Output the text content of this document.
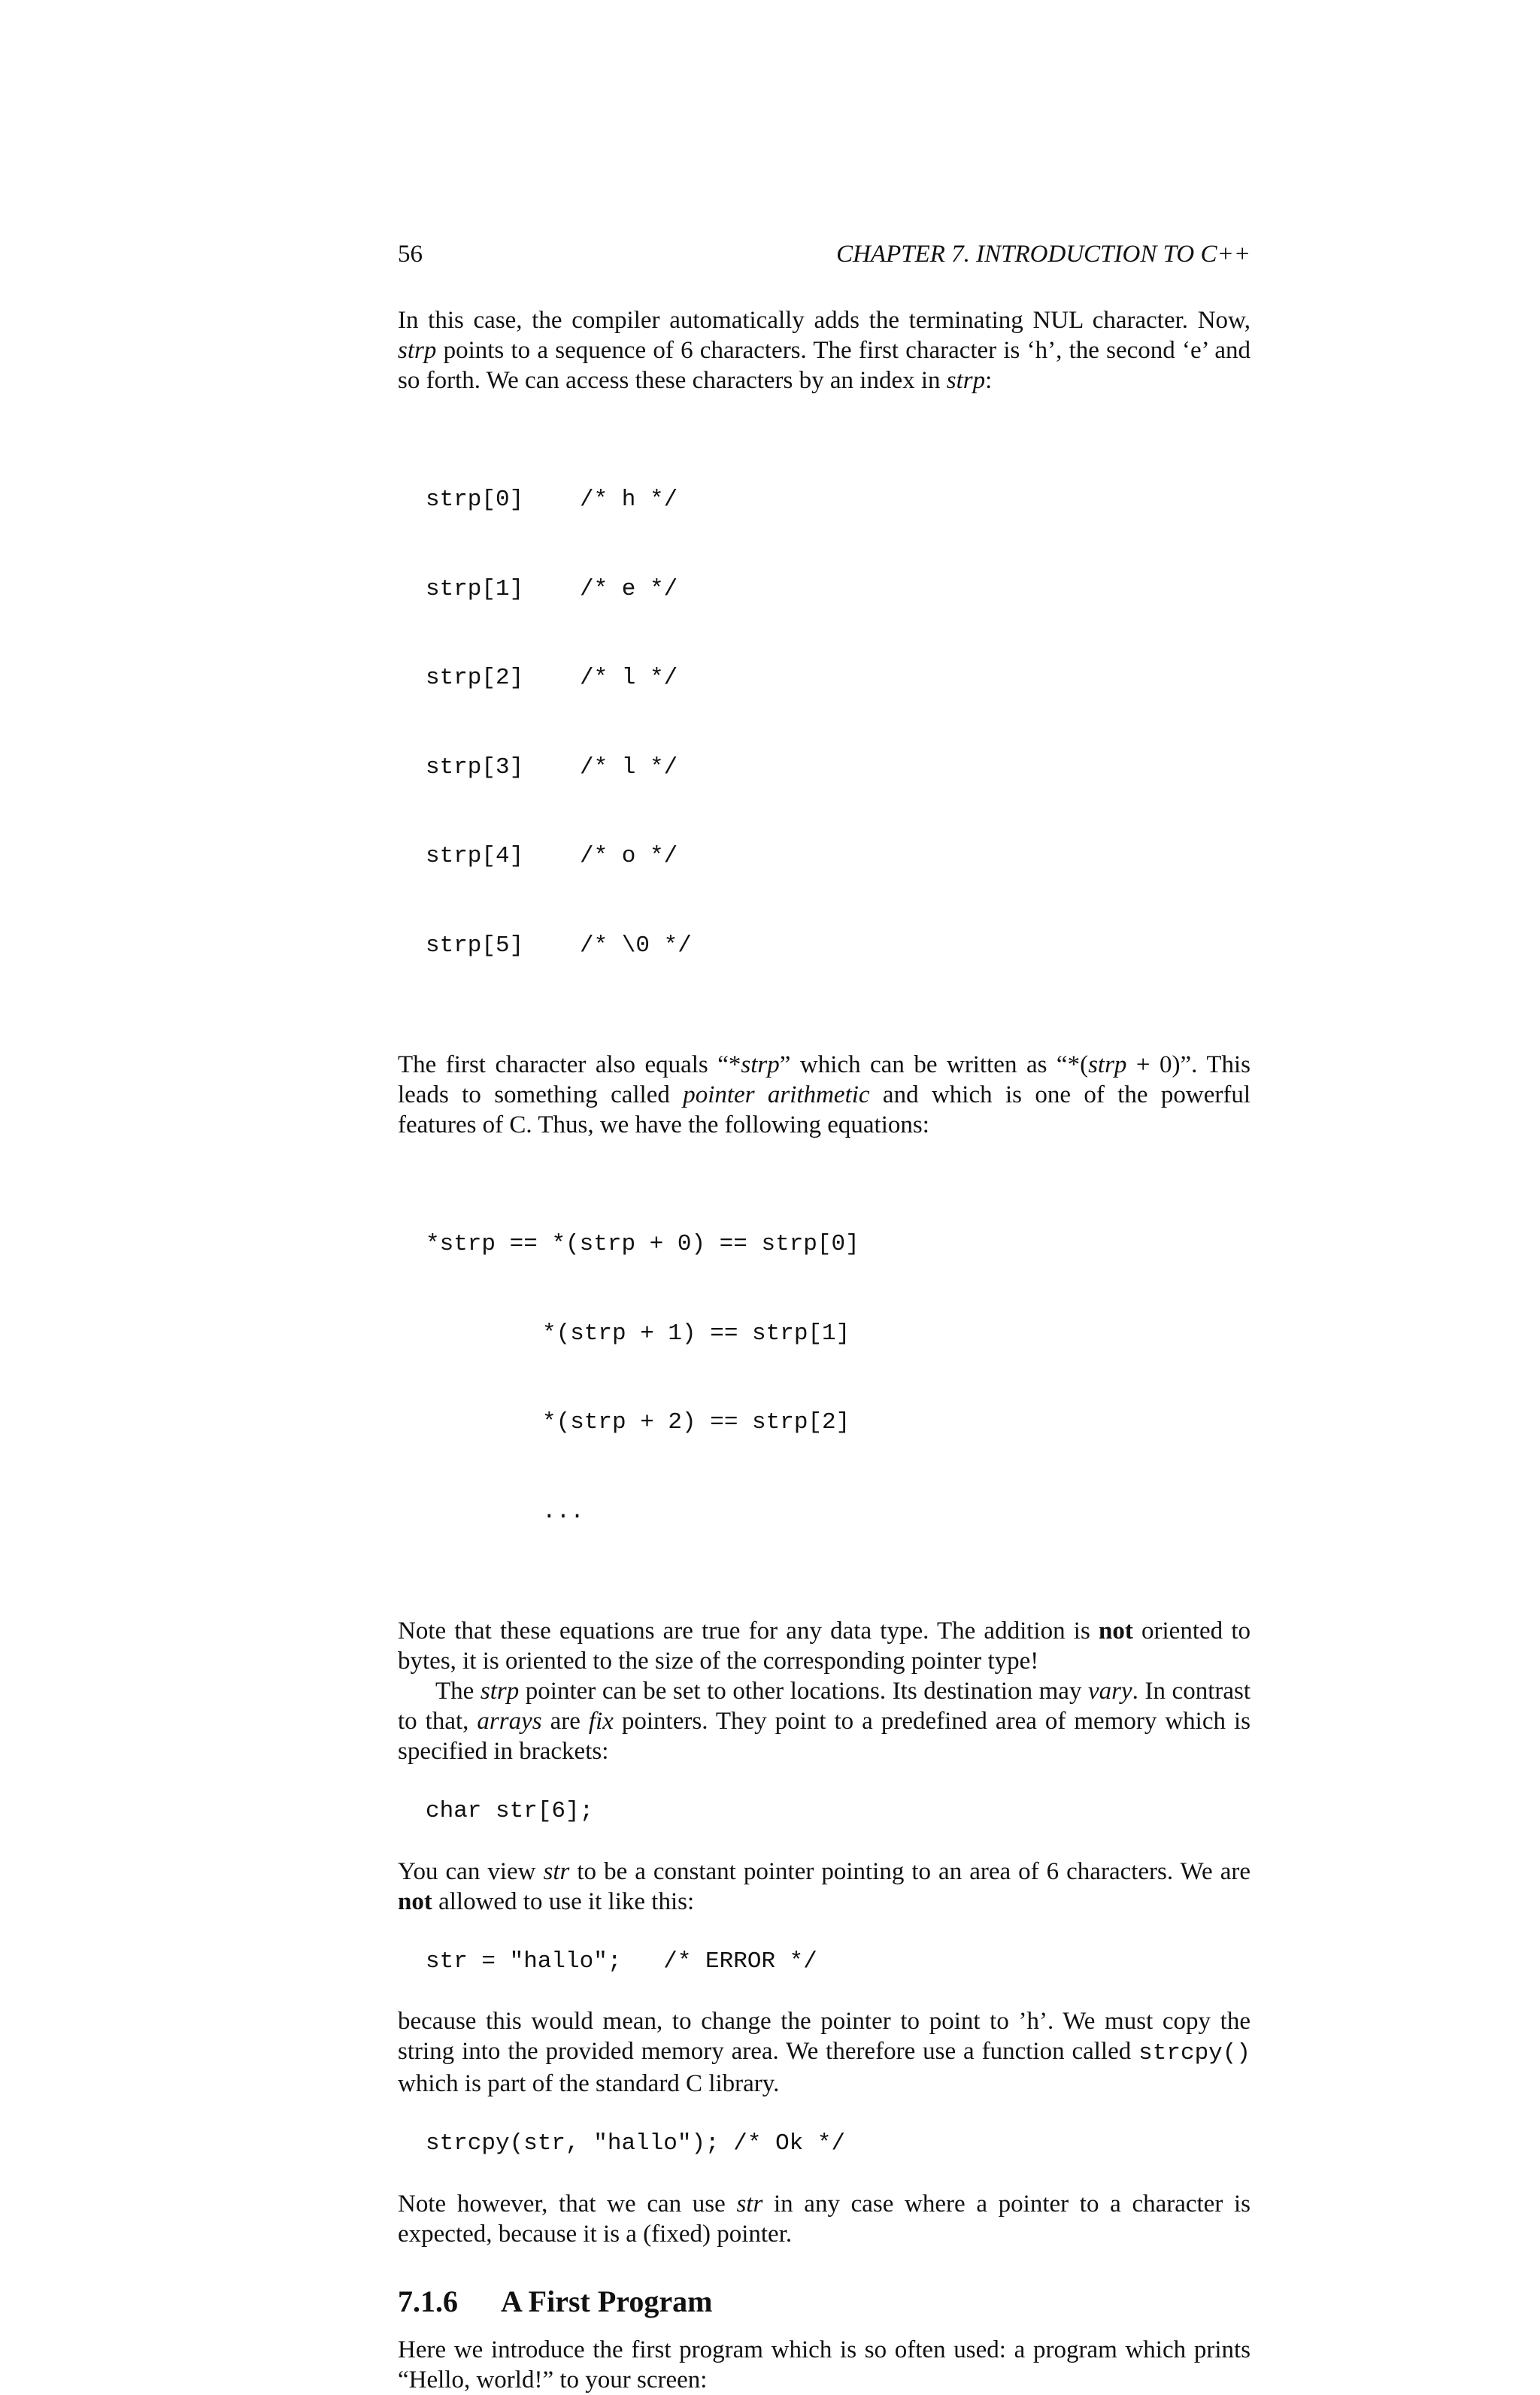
56	CHAPTER 7. INTRODUCTION TO C++

In this case, the compiler automatically adds the terminating NUL character. Now, strp points to a sequence of 6 characters. The first character is ‘h’, the second ‘e’ and so forth. We can access these characters by an index in strp:

strp[0]	/* h */

strp[1]	/* e */

strp[2]	/* l */

strp[3]	/* l */

strp[4]	/* o */

strp[5]	/* \0 */

The first character also equals “*strp” which can be written as “*(strp + 0)”. This leads to something called pointer arithmetic and which is one of the powerful features of C. Thus, we have the following equations:

*strp == *(strp + 0) == strp[0]

*(strp + 1) == strp[1]

*(strp + 2) == strp[2]

...

Note that these equations are true for any data type. The addition is not oriented to bytes, it is oriented to the size of the corresponding pointer type!

The strp pointer can be set to other locations. Its destination may vary. In contrast to that, arrays are fix pointers. They point to a predefined area of memory which is specified in brackets:

char str[6];

You can view str to be a constant pointer pointing to an area of 6 characters. We are not allowed to use it like this:

str = "hallo";   /* ERROR */

because this would mean, to change the pointer to point to ’h’. We must copy the string into the provided memory area. We therefore use a function called strcpy() which is part of the standard C library.

strcpy(str, "hallo"); /* Ok */

Note however, that we can use str in any case where a pointer to a character is expected, because it is a (fixed) pointer.

7.1.6	A First Program

Here we introduce the first program which is so often used: a program which prints “Hello, world!” to your screen:
